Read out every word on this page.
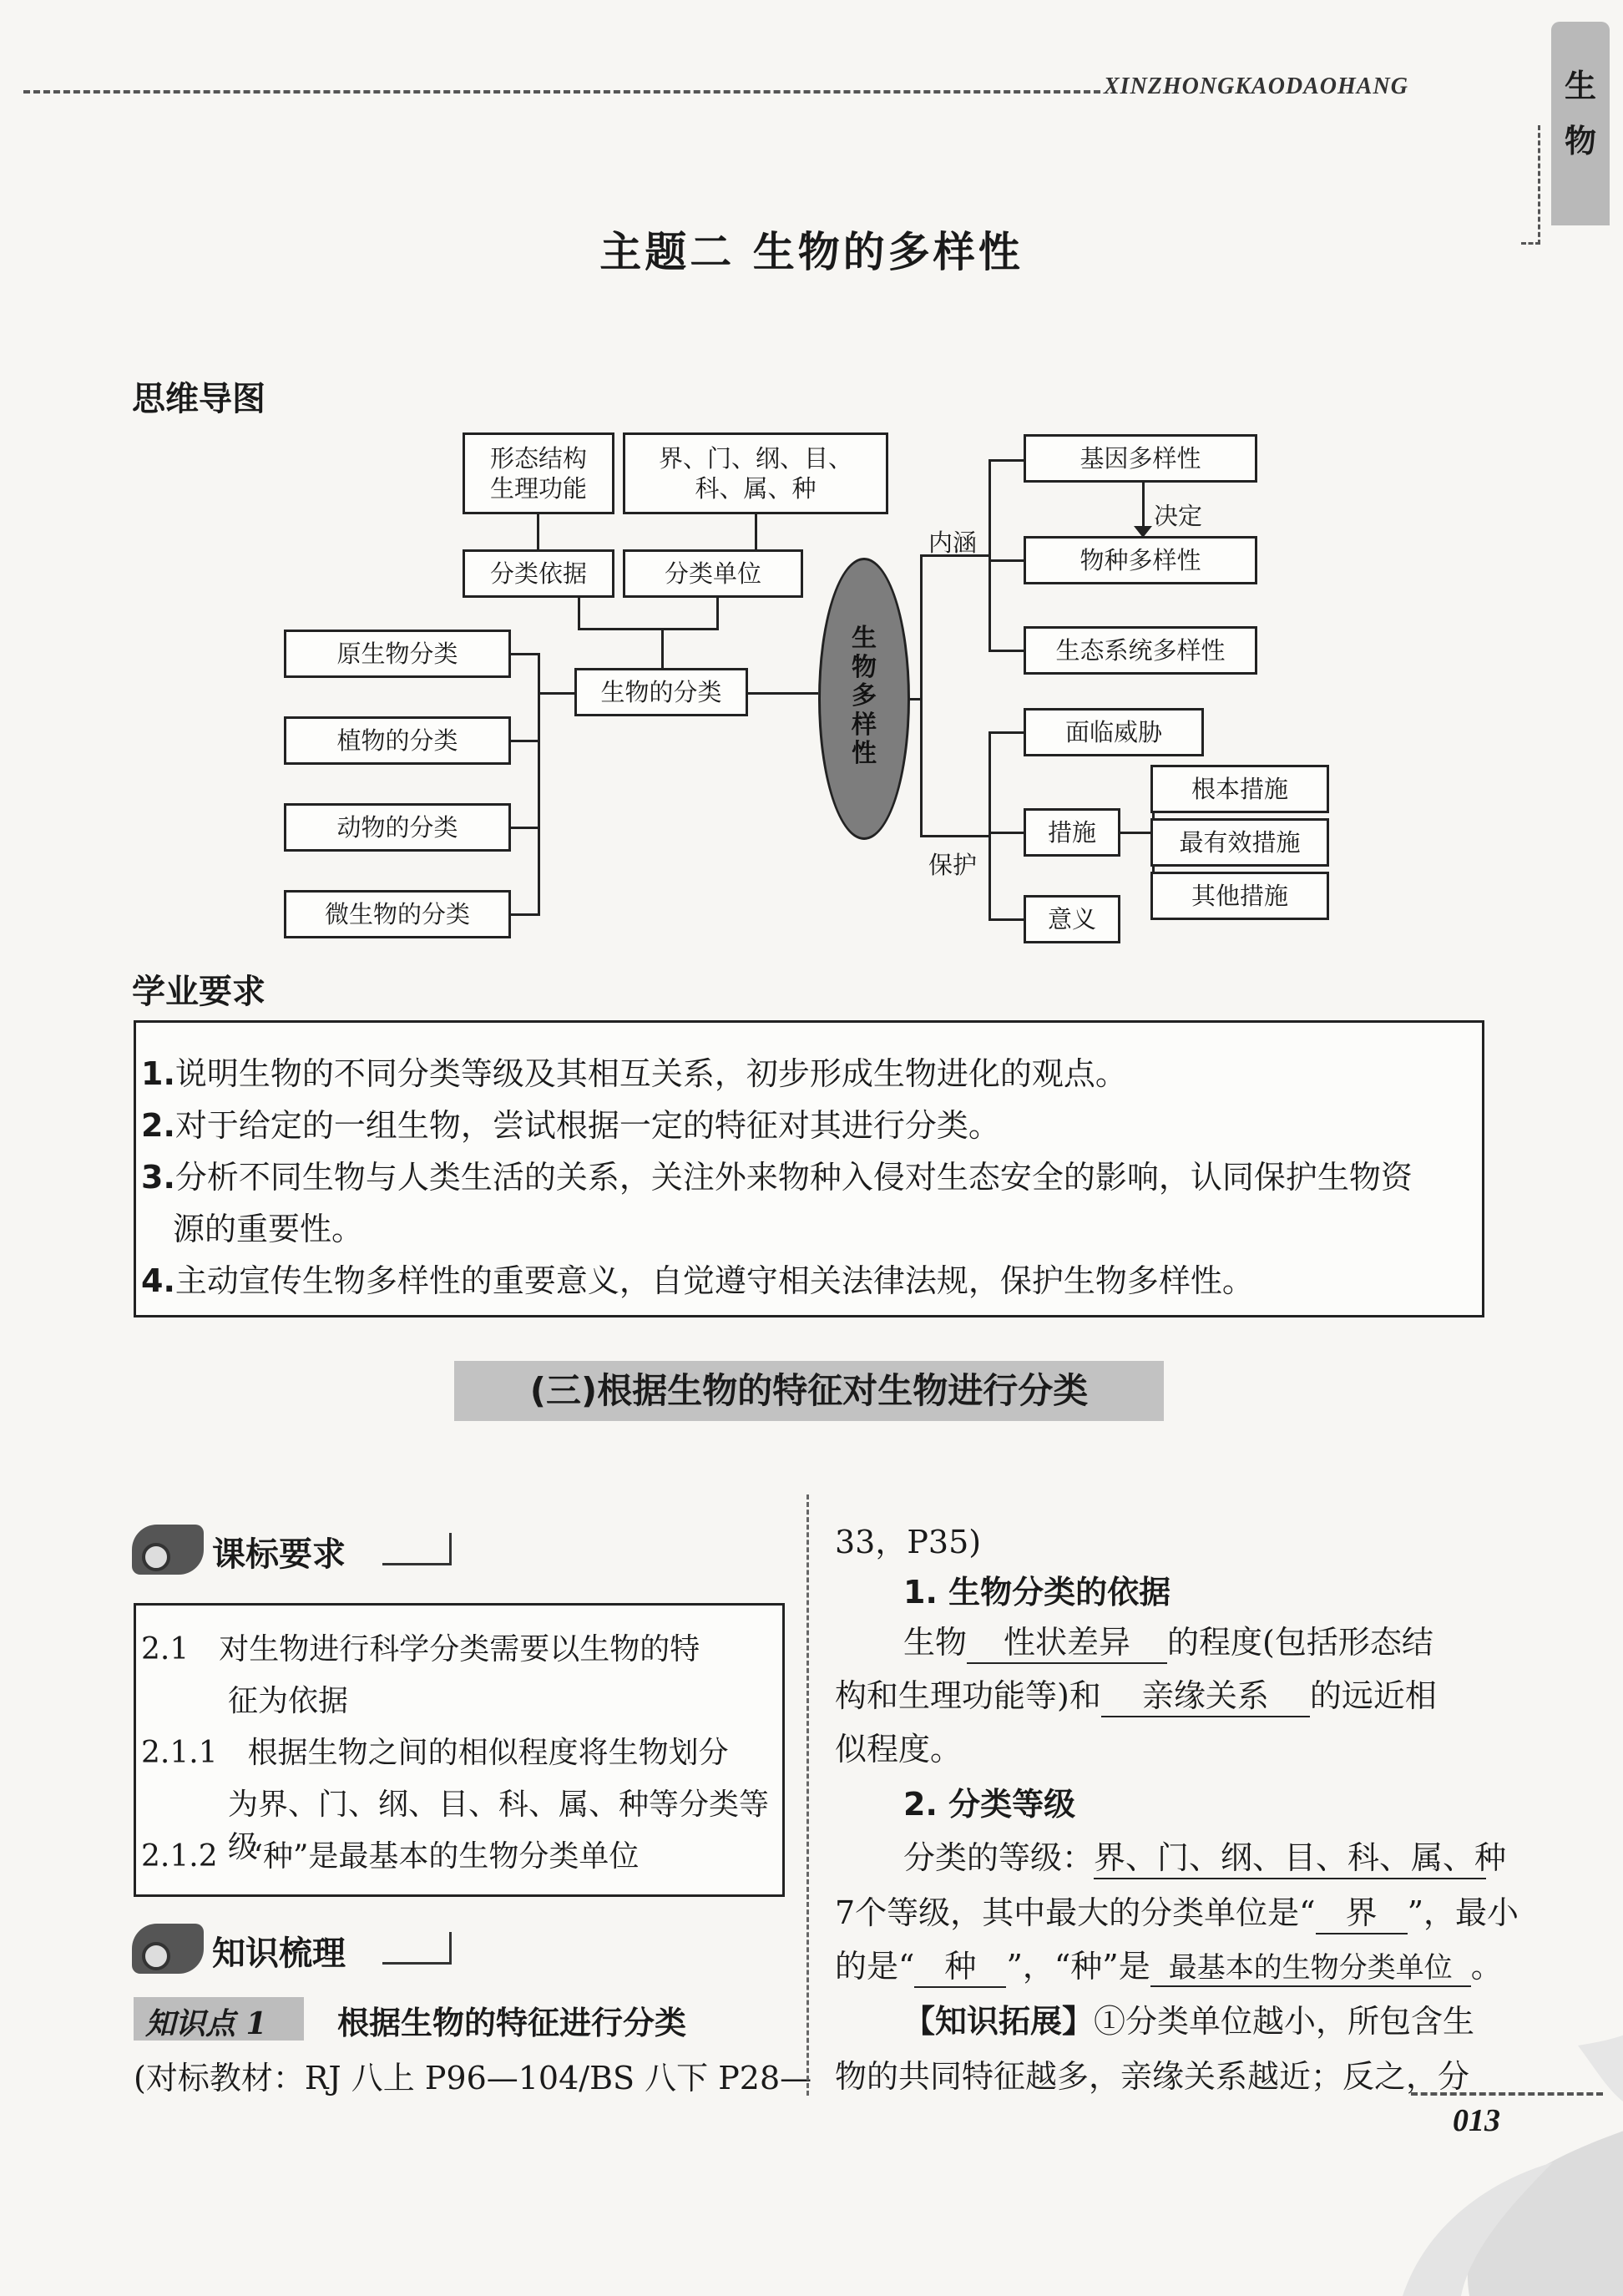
XINZHONGKAODAOHANG	生
物
主题二 生物的多样性
思维导图
形态结构
生理功能
界、门、纲、目、
科、属、种
分类依据	分类单位
生物的分类
原生物分类
植物的分类
动物的分类
微生物的分类
生物多样性
内涵
保护
基因多样性
决定
物种多样性
生态系统多样性
面临威胁
措施
意义
根本措施
最有效措施
其他措施
学业要求

1.说明生物的不同分类等级及其相互关系，初步形成生物进化的观点。

2.对于给定的一组生物，尝试根据一定的特征对其进行分类。

3.分析不同生物与人类生活的关系，关注外来物种入侵对生态安全的影响，认同保护生物资

源的重要性。

4.主动宣传生物多样性的重要意义，自觉遵守相关法律法规，保护生物多样性。

(三)根据生物的特征对生物进行分类
课标要求

2.1　 对生物进行科学分类需要以生物的特

征为依据

2.1.1　 根据生物之间的相似程度将生物划分

为界、门、纲、目、科、属、种等分类等级

2.1.2　 “种”是最基本的生物分类单位

知识梳理
知识点 1 根据生物的特征进行分类
(对标教材：RJ 八上 P96—104/BS 八下 P28—
33，P35)
1. 生物分类的依据
生物 性状差异 的程度(包括形态结
构和生理功能等)和 亲缘关系 的远近相
似程度。
2. 分类等级
分类的等级：界、门、纲、目、科、属、种
7个等级，其中最大的分类单位是“ 界 ”，最小
的是“ 种 ”，“种”是 最基本的生物分类单位 。
【知识拓展】①分类单位越小，所包含生
物的共同特征越多，亲缘关系越近；反之，分
013
